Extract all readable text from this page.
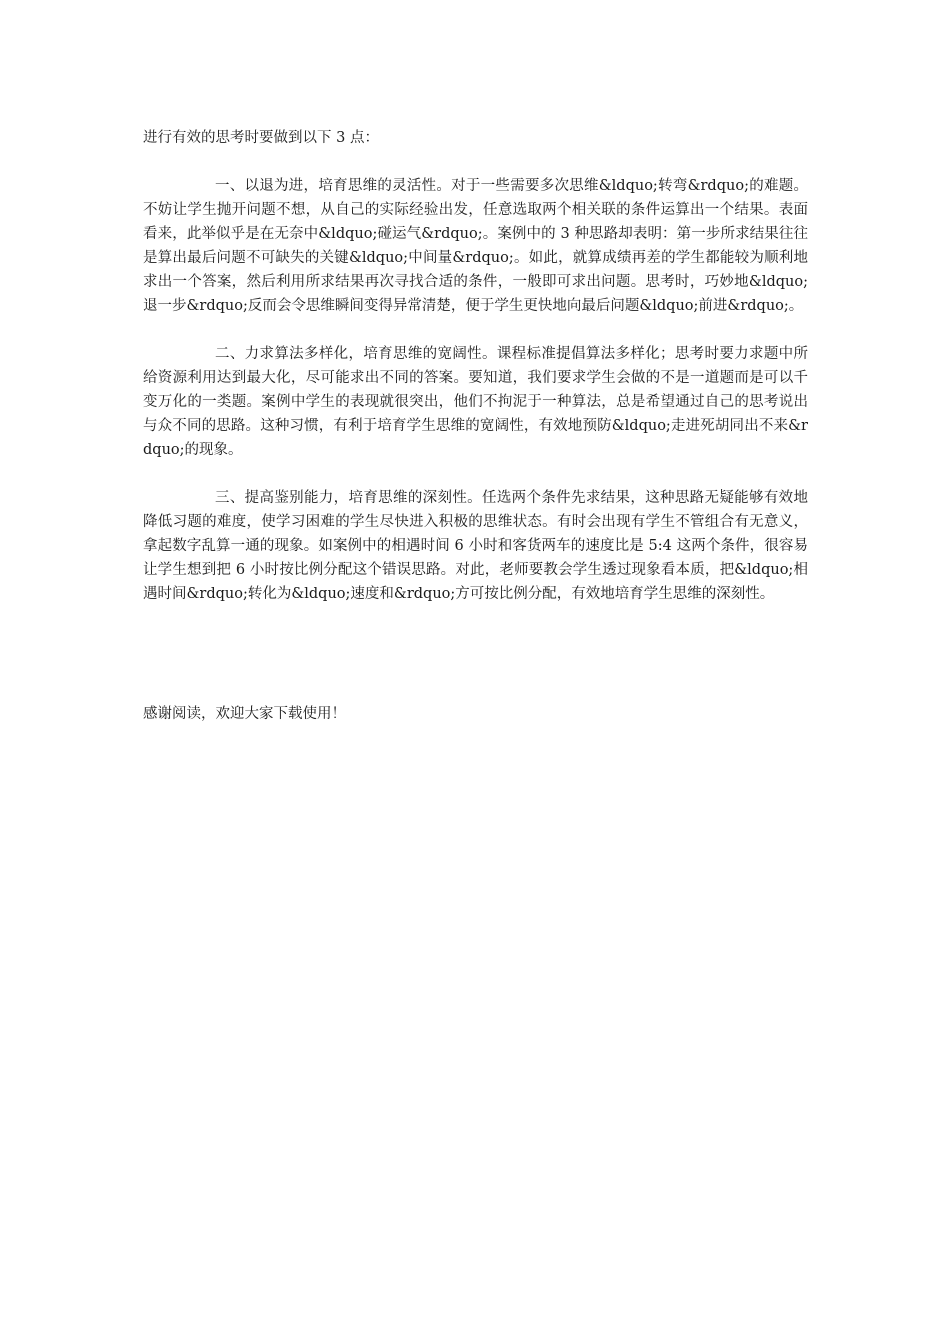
进行有效的思考时要做到以下 3 点：

一、以退为进，培育思维的灵活性。对于一些需要多次思维&ldquo;转弯&rdquo;的难题。不妨让学生抛开问题不想，从自己的实际经验出发，任意选取两个相关联的条件运算出一个结果。表面看来，此举似乎是在无奈中&ldquo;碰运气&rdquo;。案例中的 3 种思路却表明：第一步所求结果往往是算出最后问题不可缺失的关键&ldquo;中间量&rdquo;。如此，就算成绩再差的学生都能较为顺利地求出一个答案，然后利用所求结果再次寻找合适的条件，一般即可求出问题。思考时，巧妙地&ldquo;退一步&rdquo;反而会令思维瞬间变得异常清楚，便于学生更快地向最后问题&ldquo;前进&rdquo;。

二、力求算法多样化，培育思维的宽阔性。课程标准提倡算法多样化；思考时要力求题中所给资源利用达到最大化，尽可能求出不同的答案。要知道，我们要求学生会做的不是一道题而是可以千变万化的一类题。案例中学生的表现就很突出，他们不拘泥于一种算法，总是希望通过自己的思考说出与众不同的思路。这种习惯，有利于培育学生思维的宽阔性，有效地预防&ldquo;走进死胡同出不来&rdquo;的现象。

三、提高鉴别能力，培育思维的深刻性。任选两个条件先求结果，这种思路无疑能够有效地降低习题的难度，使学习困难的学生尽快进入积极的思维状态。有时会出现有学生不管组合有无意义，拿起数字乱算一通的现象。如案例中的相遇时间 6 小时和客货两车的速度比是 5:4 这两个条件，很容易让学生想到把 6 小时按比例分配这个错误思路。对此，老师要教会学生透过现象看本质，把&ldquo;相遇时间&rdquo;转化为&ldquo;速度和&rdquo;方可按比例分配，有效地培育学生思维的深刻性。

感谢阅读，欢迎大家下载使用！
